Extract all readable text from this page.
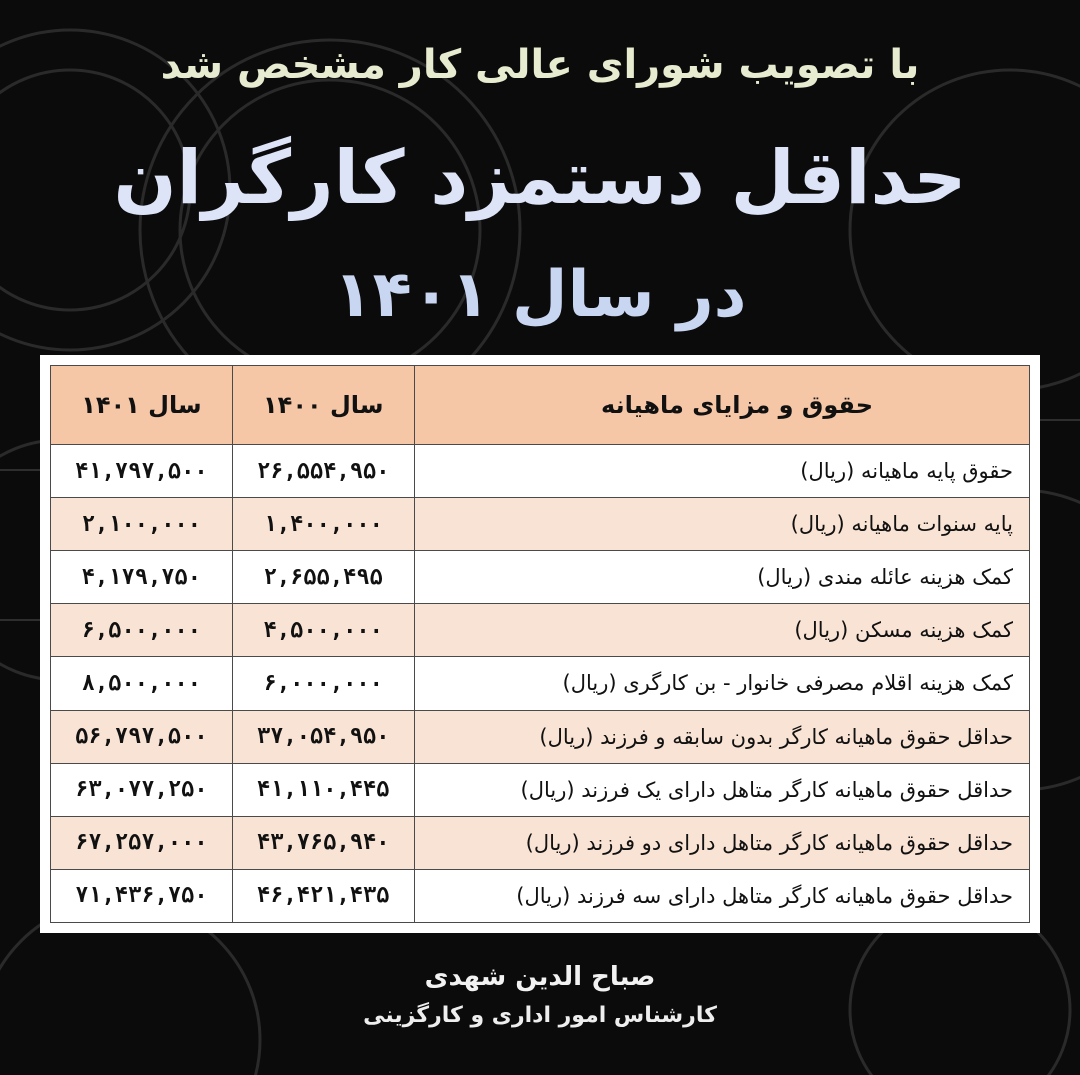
با تصویب شورای عالی کار مشخص شد
حداقل دستمزد کارگران
در سال ۱۴۰۱
حقوق و مزایای ماهیانه	سال ۱۴۰۰	سال ۱۴۰۱
حقوق پایه ماهیانه (ریال)	۲۶,۵۵۴,۹۵۰	۴۱,۷۹۷,۵۰۰
پایه سنوات ماهیانه (ریال)	۱,۴۰۰,۰۰۰	۲,۱۰۰,۰۰۰
کمک هزینه عائله مندی (ریال)	۲,۶۵۵,۴۹۵	۴,۱۷۹,۷۵۰
کمک هزینه مسکن (ریال)	۴,۵۰۰,۰۰۰	۶,۵۰۰,۰۰۰
کمک هزینه اقلام مصرفی خانوار - بن کارگری (ریال)	۶,۰۰۰,۰۰۰	۸,۵۰۰,۰۰۰
حداقل حقوق ماهیانه کارگر بدون سابقه و فرزند (ریال)	۳۷,۰۵۴,۹۵۰	۵۶,۷۹۷,۵۰۰
حداقل حقوق ماهیانه کارگر متاهل دارای یک فرزند (ریال)	۴۱,۱۱۰,۴۴۵	۶۳,۰۷۷,۲۵۰
حداقل حقوق ماهیانه کارگر متاهل دارای دو فرزند (ریال)	۴۳,۷۶۵,۹۴۰	۶۷,۲۵۷,۰۰۰
حداقل حقوق ماهیانه کارگر متاهل دارای سه فرزند (ریال)	۴۶,۴۲۱,۴۳۵	۷۱,۴۳۶,۷۵۰
صباح الدین شهدی
کارشناس امور اداری و کارگزینی
